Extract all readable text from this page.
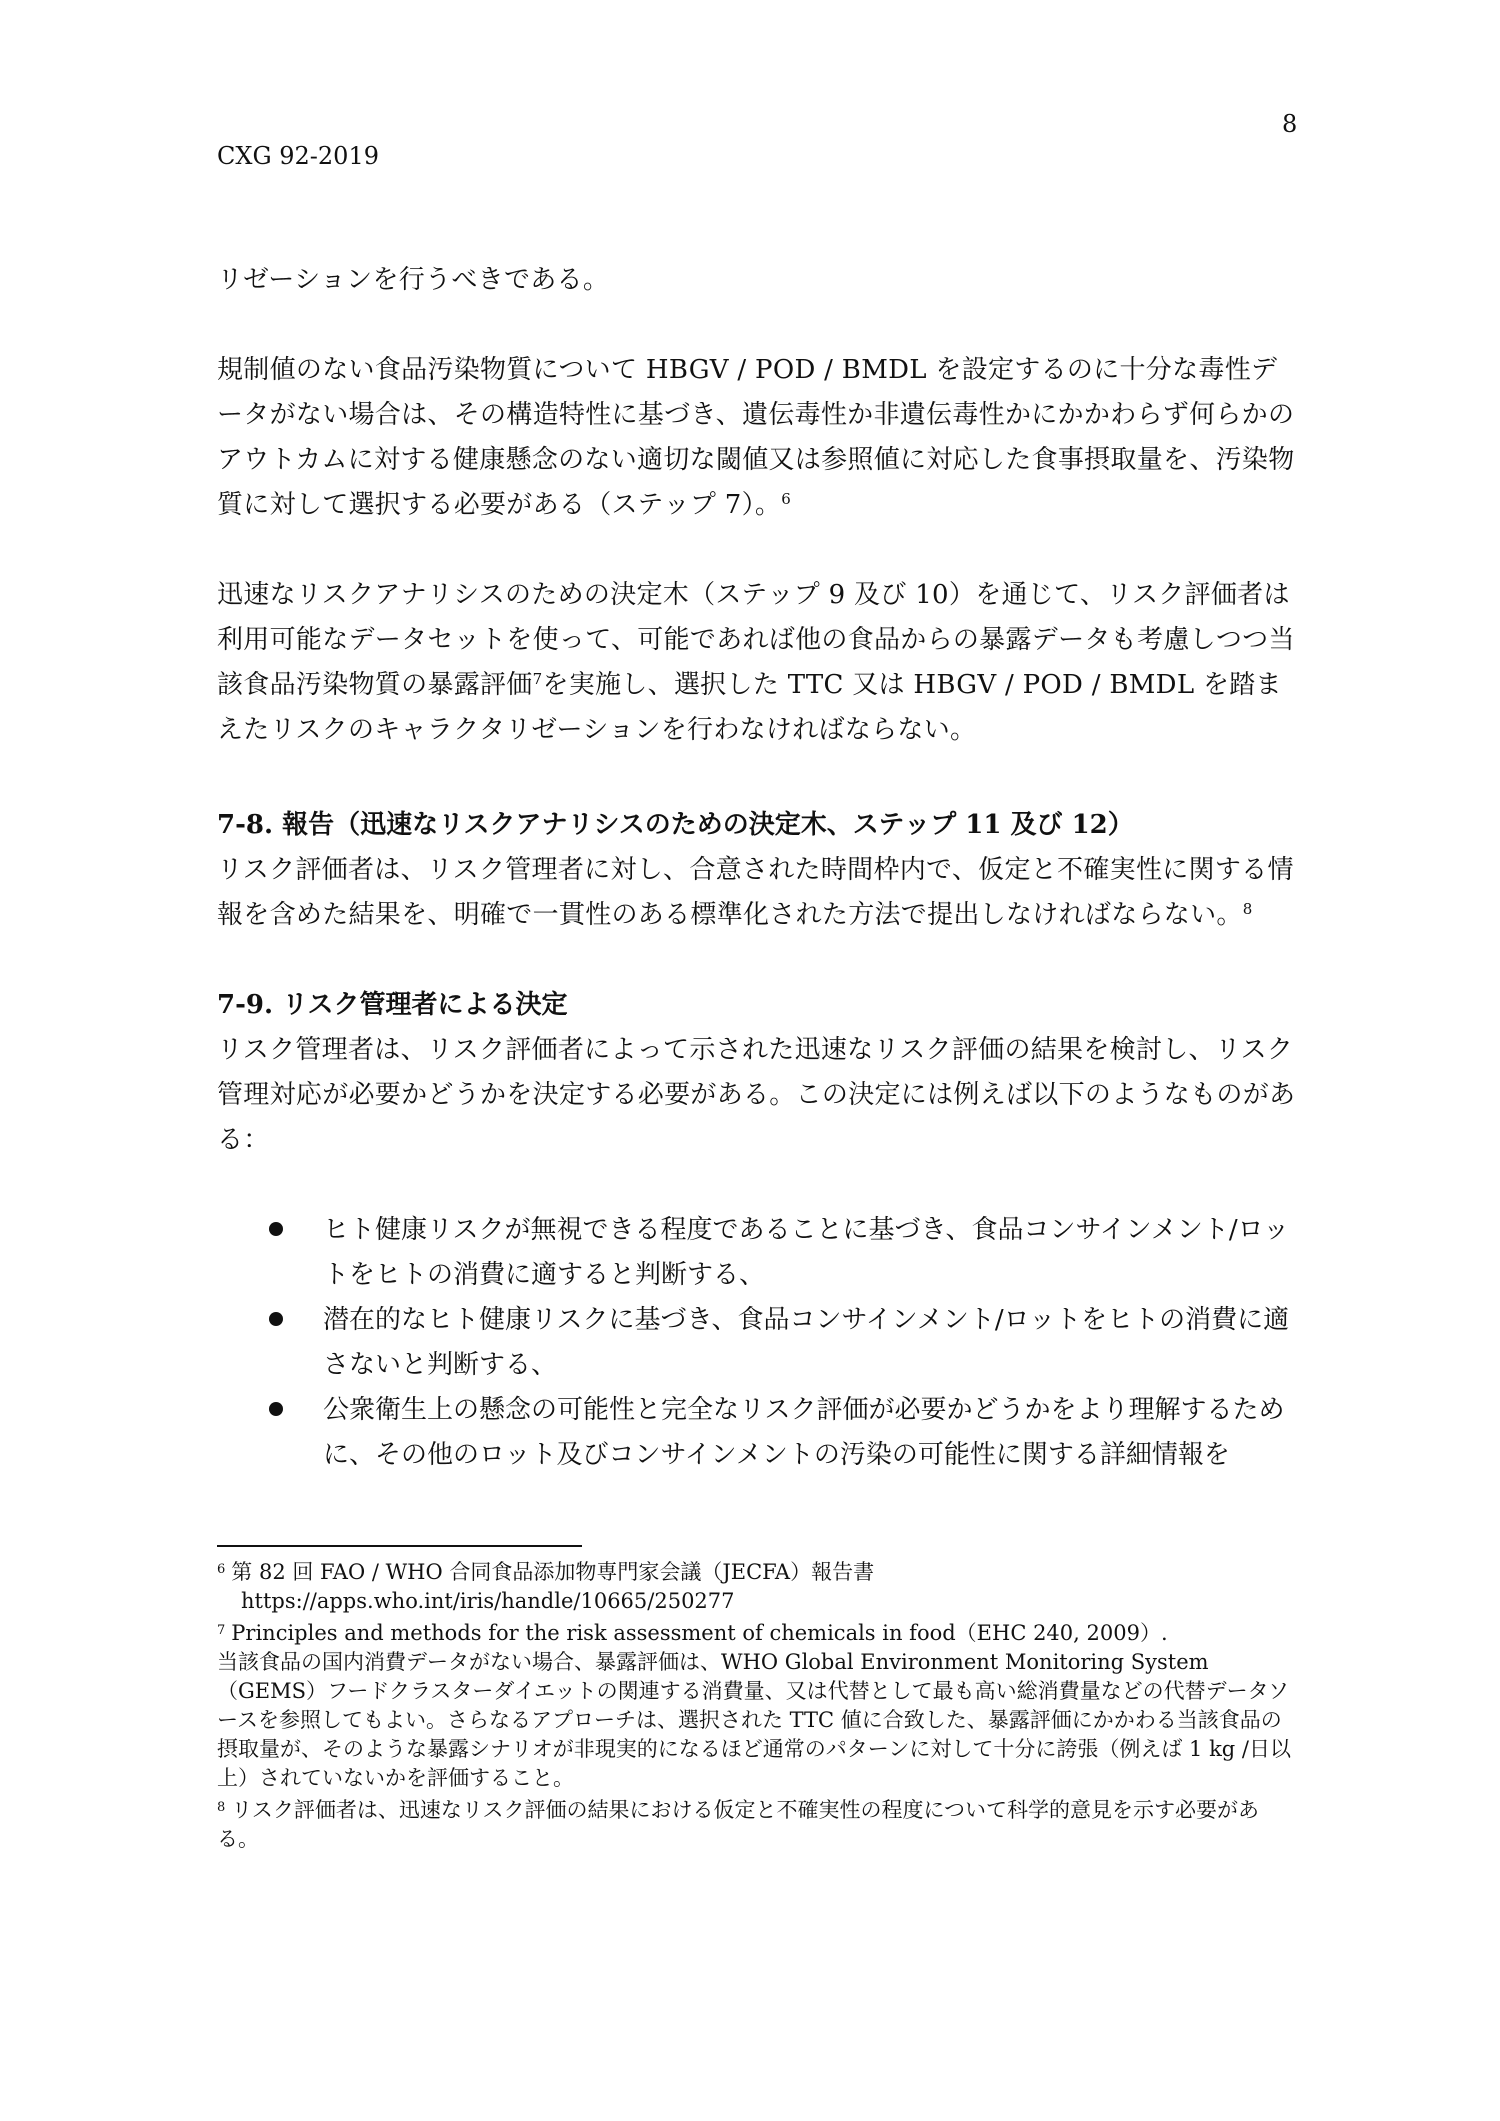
8
CXG 92-2019

リゼーションを行うべきである。

規制値のない食品汚染物質について HBGV / POD / BMDL を設定するのに十分な毒性データがない場合は、その構造特性に基づき、遺伝毒性か非遺伝毒性かにかかわらず何らかのアウトカムに対する健康懸念のない適切な閾値又は参照値に対応した食事摂取量を、汚染物質に対して選択する必要がある（ステップ 7）。$^6$

迅速なリスクアナリシスのための決定木（ステップ 9 及び 10）を通じて、リスク評価者は利用可能なデータセットを使って、可能であれば他の食品からの暴露データも考慮しつつ当該食品汚染物質の暴露評価$^7$を実施し、選択した TTC 又は HBGV / POD / BMDL を踏まえたリスクのキャラクタリゼーションを行わなければならない。

7-8. 報告（迅速なリスクアナリシスのための決定木、ステップ 11 及び 12）

リスク評価者は、リスク管理者に対し、合意された時間枠内で、仮定と不確実性に関する情報を含めた結果を、明確で一貫性のある標準化された方法で提出しなければならない。$^8$

7-9. リスク管理者による決定

リスク管理者は、リスク評価者によって示された迅速なリスク評価の結果を検討し、リスク管理対応が必要かどうかを決定する必要がある。この決定には例えば以下のようなものがある：

ヒト健康リスクが無視できる程度であることに基づき、食品コンサインメント/ロットをヒトの消費に適すると判断する、
潜在的なヒト健康リスクに基づき、食品コンサインメント/ロットをヒトの消費に適さないと判断する、
公衆衛生上の懸念の可能性と完全なリスク評価が必要かどうかをより理解するために、その他のロット及びコンサインメントの汚染の可能性に関する詳細情報を

$^6$ 第 82 回 FAO / WHO 合同食品添加物専門家会議（JECFA）報告書

https://apps.who.int/iris/handle/10665/250277

$^7$ Principles and methods for the risk assessment of chemicals in food（EHC 240, 2009）.

当該食品の国内消費データがない場合、暴露評価は、WHO Global Environment Monitoring System（GEMS）フードクラスターダイエットの関連する消費量、又は代替として最も高い総消費量などの代替データソースを参照してもよい。さらなるアプローチは、選択された TTC 値に合致した、暴露評価にかかわる当該食品の摂取量が、そのような暴露シナリオが非現実的になるほど通常のパターンに対して十分に誇張（例えば 1 kg /日以上）されていないかを評価すること。

$^8$ リスク評価者は、迅速なリスク評価の結果における仮定と不確実性の程度について科学的意見を示す必要がある。
